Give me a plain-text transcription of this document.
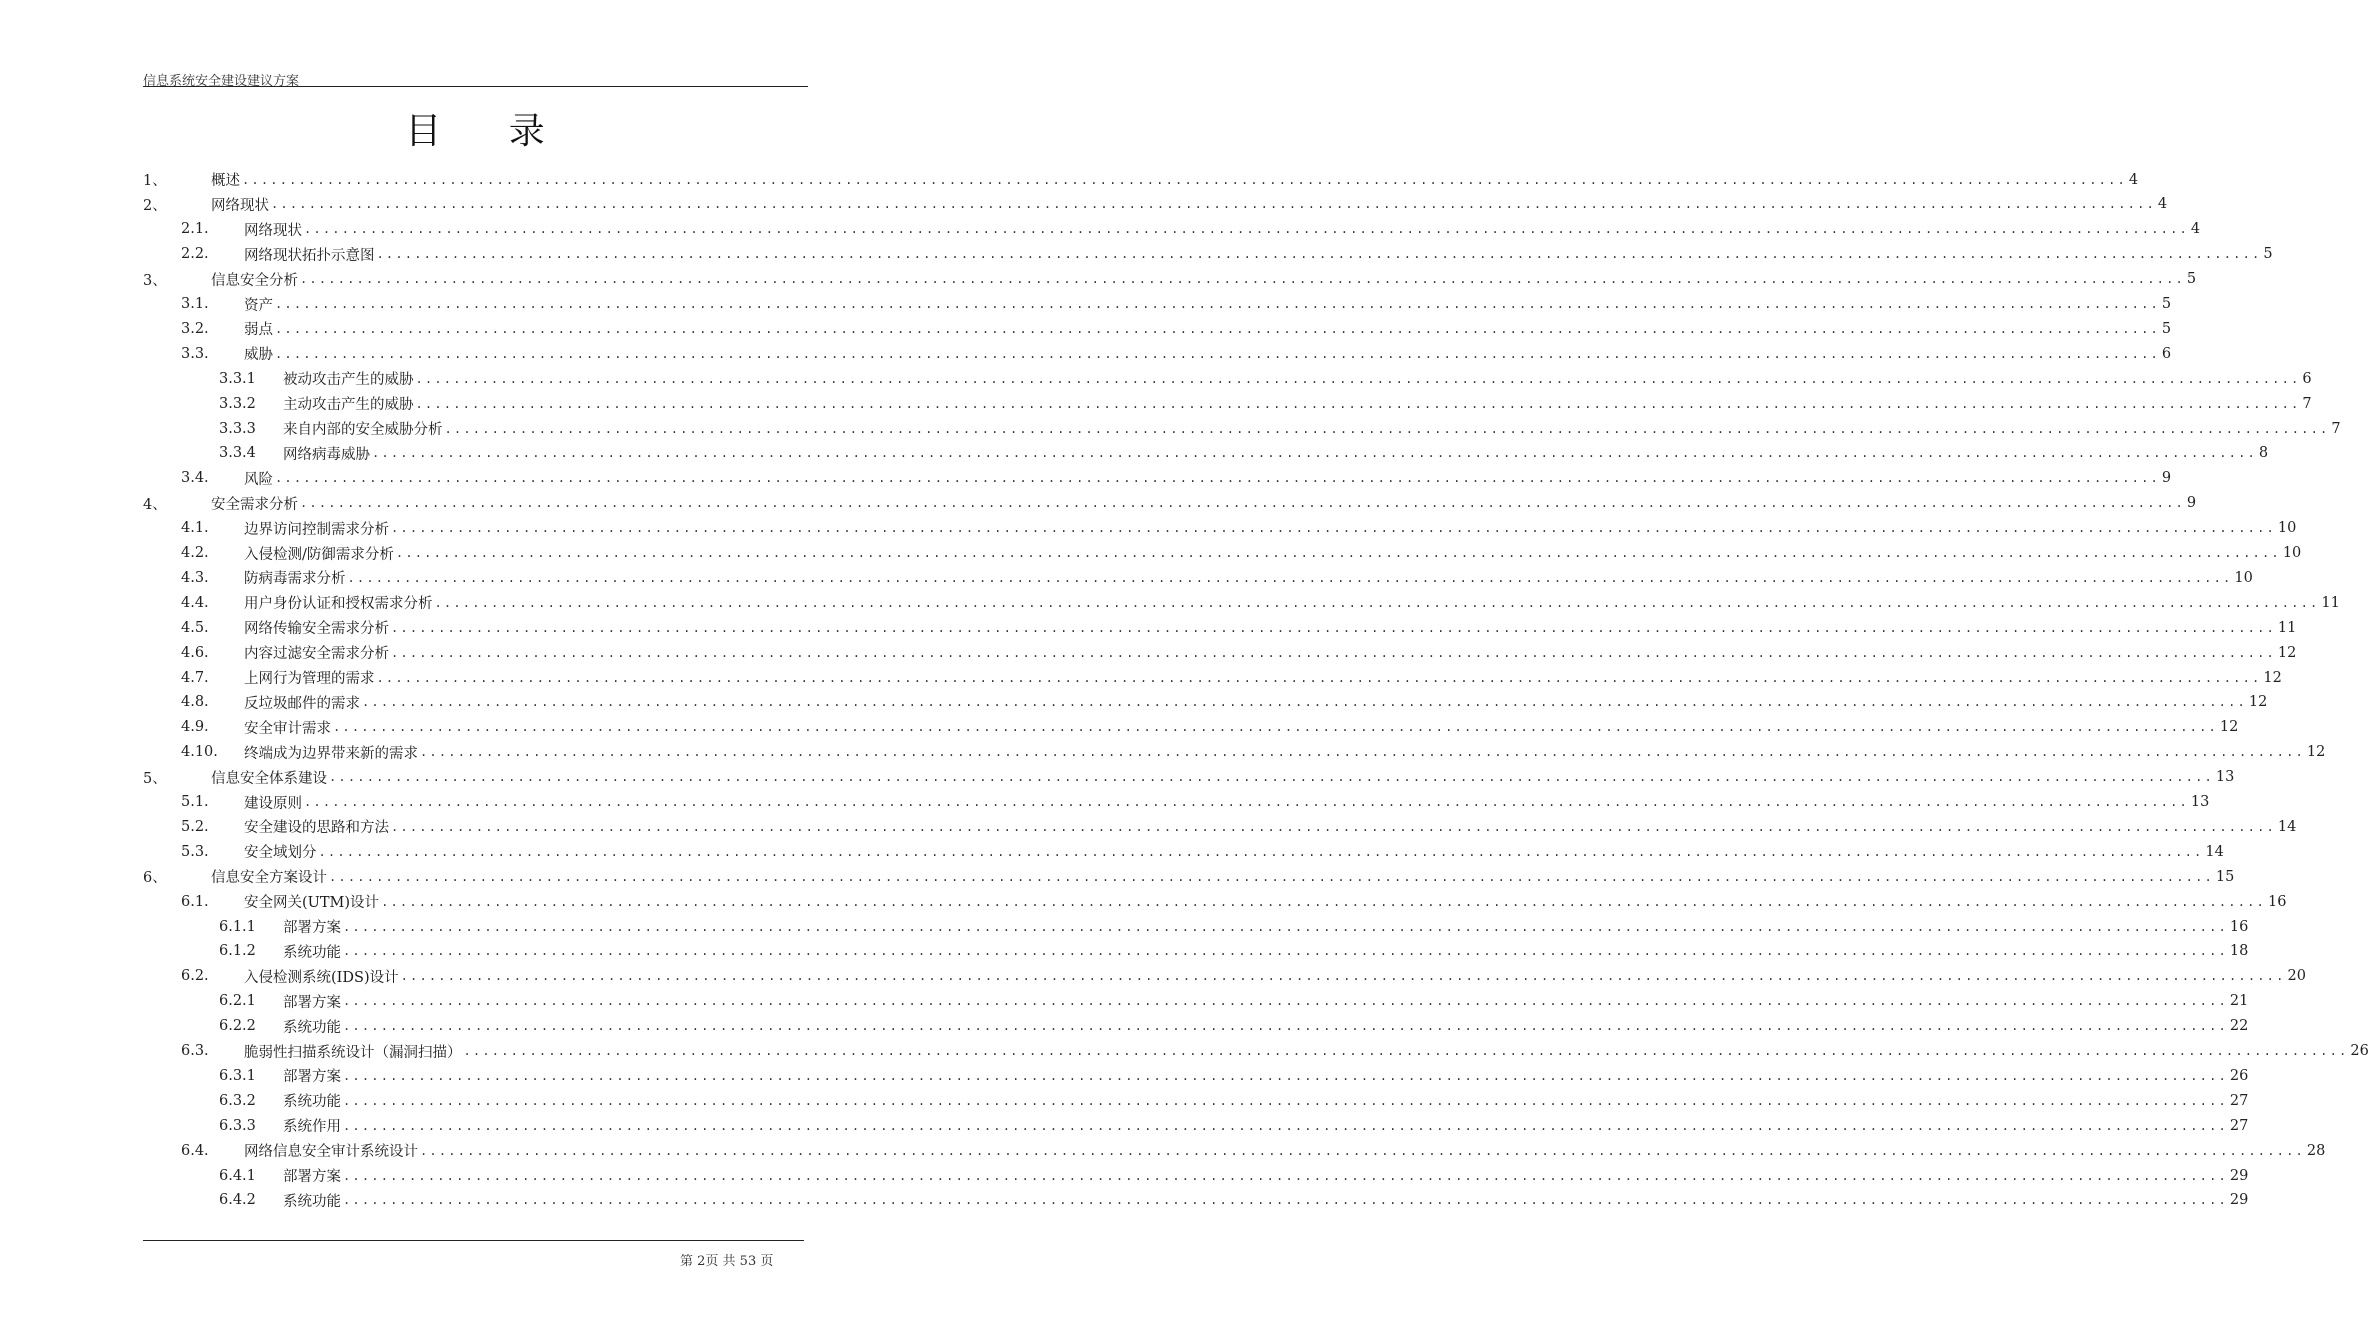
信息系统安全建设建议方案
目 录
1、	概述 ........................................................................................................................................................................................................ 4
2、	网络现状 ........................................................................................................................................................................................................ 4
2.1.	网络现状 ........................................................................................................................................................................................................ 4
2.2.	网络现状拓扑示意图 ........................................................................................................................................................................................................ 5
3、	信息安全分析 ........................................................................................................................................................................................................ 5
3.1.	资产 ........................................................................................................................................................................................................ 5
3.2.	弱点 ........................................................................................................................................................................................................ 5
3.3.	威胁 ........................................................................................................................................................................................................ 6
3.3.1	被动攻击产生的威胁 ........................................................................................................................................................................................................ 6
3.3.2	主动攻击产生的威胁 ........................................................................................................................................................................................................ 7
3.3.3	来自内部的安全威胁分析 ........................................................................................................................................................................................................ 7
3.3.4	网络病毒威胁 ........................................................................................................................................................................................................ 8
3.4.	风险 ........................................................................................................................................................................................................ 9
4、	安全需求分析 ........................................................................................................................................................................................................ 9
4.1.	边界访问控制需求分析 ........................................................................................................................................................................................................ 10
4.2.	入侵检测/防御需求分析 ........................................................................................................................................................................................................ 10
4.3.	防病毒需求分析 ........................................................................................................................................................................................................ 10
4.4.	用户身份认证和授权需求分析 ........................................................................................................................................................................................................ 11
4.5.	网络传输安全需求分析 ........................................................................................................................................................................................................ 11
4.6.	内容过滤安全需求分析 ........................................................................................................................................................................................................ 12
4.7.	上网行为管理的需求 ........................................................................................................................................................................................................ 12
4.8.	反垃圾邮件的需求 ........................................................................................................................................................................................................ 12
4.9.	安全审计需求 ........................................................................................................................................................................................................ 12
4.10.	终端成为边界带来新的需求 ........................................................................................................................................................................................................ 12
5、	信息安全体系建设 ........................................................................................................................................................................................................ 13
5.1.	建设原则 ........................................................................................................................................................................................................ 13
5.2.	安全建设的思路和方法 ........................................................................................................................................................................................................ 14
5.3.	安全域划分 ........................................................................................................................................................................................................ 14
6、	信息安全方案设计 ........................................................................................................................................................................................................ 15
6.1.	安全网关(UTM)设计 ........................................................................................................................................................................................................ 16
6.1.1	部署方案 ........................................................................................................................................................................................................ 16
6.1.2	系统功能 ........................................................................................................................................................................................................ 18
6.2.	入侵检测系统(IDS)设计 ........................................................................................................................................................................................................ 20
6.2.1	部署方案 ........................................................................................................................................................................................................ 21
6.2.2	系统功能 ........................................................................................................................................................................................................ 22
6.3.	脆弱性扫描系统设计（漏洞扫描） ........................................................................................................................................................................................................ 26
6.3.1	部署方案 ........................................................................................................................................................................................................ 26
6.3.2	系统功能 ........................................................................................................................................................................................................ 27
6.3.3	系统作用 ........................................................................................................................................................................................................ 27
6.4.	网络信息安全审计系统设计 ........................................................................................................................................................................................................ 28
6.4.1	部署方案 ........................................................................................................................................................................................................ 29
6.4.2	系统功能 ........................................................................................................................................................................................................ 29
第 2页 共 53 页
